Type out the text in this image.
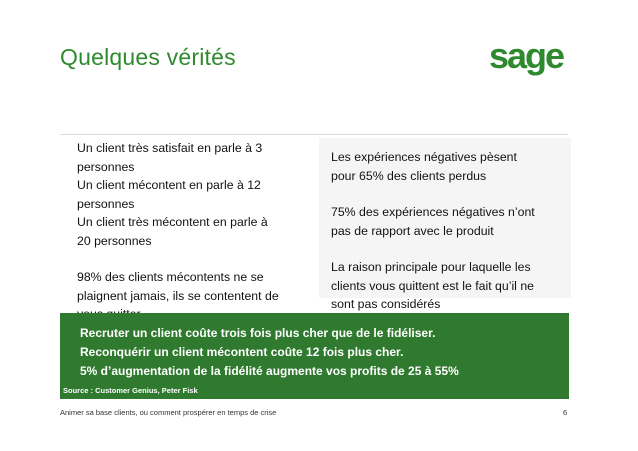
Quelques vérités	sage
Un client très satisfait en parle à 3
personnes
Un client mécontent en parle à 12
personnes
Un client très mécontent en parle à
20 personnes
98% des clients mécontents ne se
plaignent jamais, ils se contentent de
Les expériences négatives pèsent
pour 65% des clients perdus
75% des expériences négatives n’ont
pas de rapport avec le produit
La raison principale pour laquelle les
clients vous quittent est le fait qu’il ne
sont pas considérés
Recruter un client coûte trois fois plus cher que de le fidéliser.
Reconquérir un client mécontent coûte 12 fois plus cher.
5% d’augmentation de la fidélité augmente vos profits de 25 à 55%
Source : Customer Genius, Peter Fisk
Animer sa base clients, ou comment prospérer en temps de crise	6
